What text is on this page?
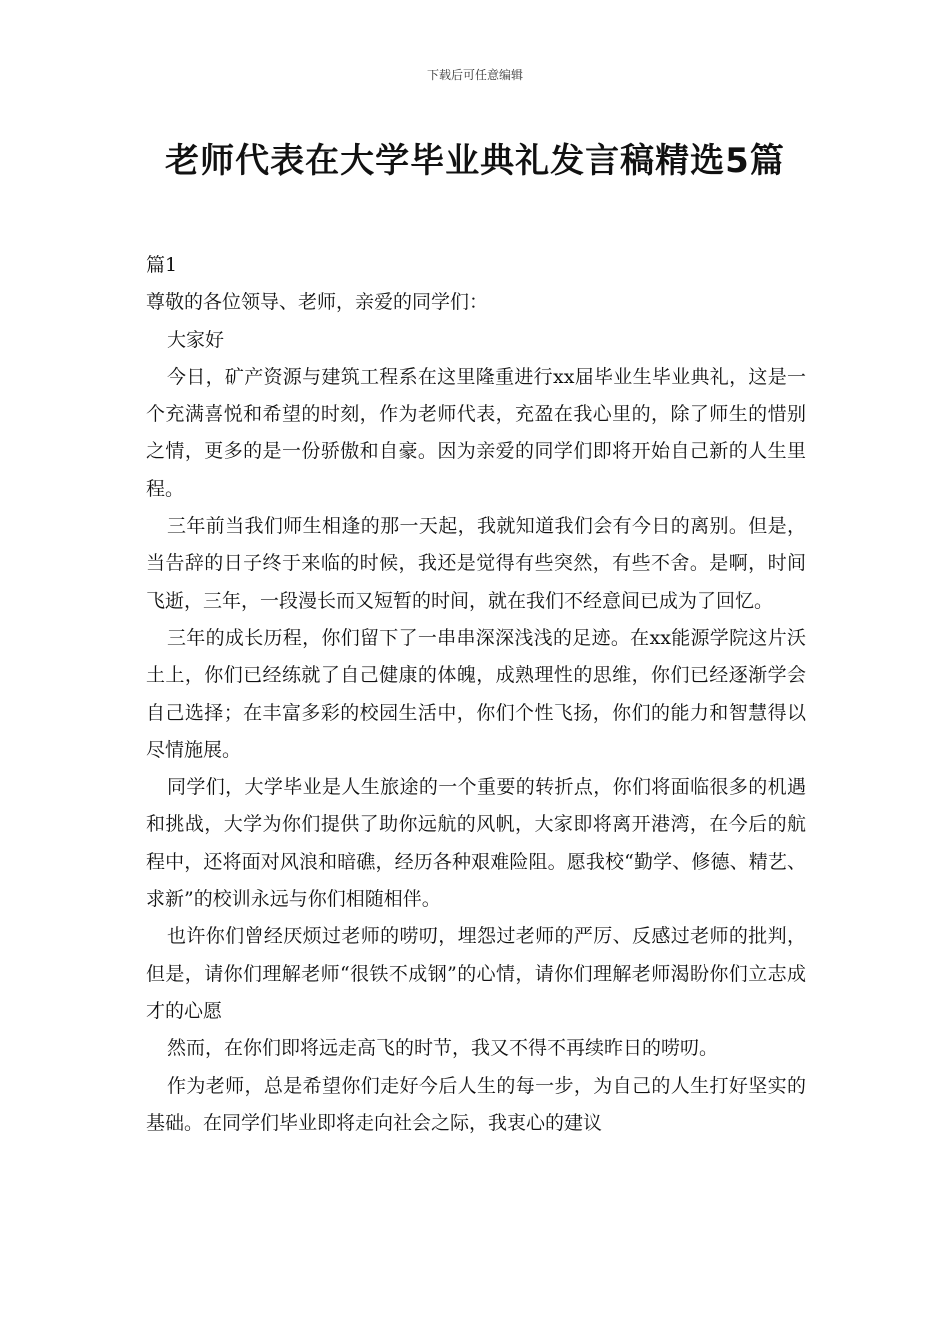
下载后可任意编辑
老师代表在大学毕业典礼发言稿精选5篇

篇1

尊敬的各位领导、老师，亲爱的同学们：

大家好

今日，矿产资源与建筑工程系在这里隆重进行xx届毕业生毕业典礼，这是一个充满喜悦和希望的时刻，作为老师代表，充盈在我心里的，除了师生的惜别之情，更多的是一份骄傲和自豪。因为亲爱的同学们即将开始自己新的人生里程。

三年前当我们师生相逢的那一天起，我就知道我们会有今日的离别。但是，当告辞的日子终于来临的时候，我还是觉得有些突然，有些不舍。是啊，时间飞逝，三年，一段漫长而又短暂的时间，就在我们不经意间已成为了回忆。

三年的成长历程，你们留下了一串串深深浅浅的足迹。在xx能源学院这片沃土上，你们已经练就了自己健康的体魄，成熟理性的思维，你们已经逐渐学会自己选择；在丰富多彩的校园生活中，你们个性飞扬，你们的能力和智慧得以尽情施展。

同学们，大学毕业是人生旅途的一个重要的转折点，你们将面临很多的机遇和挑战，大学为你们提供了助你远航的风帆，大家即将离开港湾，在今后的航程中，还将面对风浪和暗礁，经历各种艰难险阻。愿我校“勤学、修德、精艺、求新”的校训永远与你们相随相伴。

也许你们曾经厌烦过老师的唠叨，埋怨过老师的严厉、反感过老师的批判，但是，请你们理解老师“很铁不成钢”的心情，请你们理解老师渴盼你们立志成才的心愿

然而，在你们即将远走高飞的时节，我又不得不再续昨日的唠叨。

作为老师，总是希望你们走好今后人生的每一步，为自己的人生打好坚实的基础。在同学们毕业即将走向社会之际，我衷心的建议
